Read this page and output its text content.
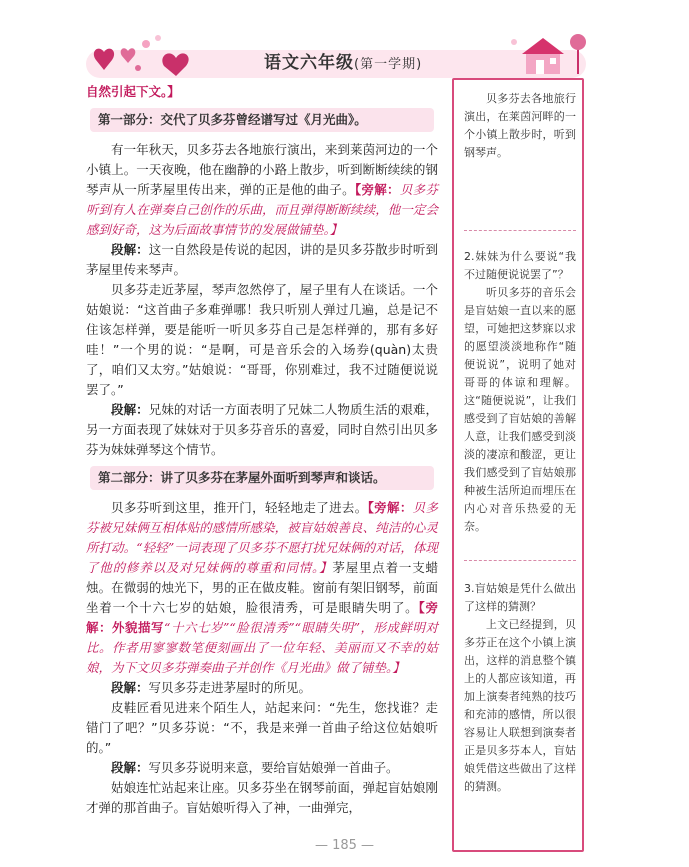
语文六年级(第一学期)

自然引起下文。】

第一部分：交代了贝多芬曾经谱写过《月光曲》。

有一年秋天，贝多芬去各地旅行演出，来到莱茵河边的一个小镇上。一天夜晚，他在幽静的小路上散步，听到断断续续的钢琴声从一所茅屋里传出来，弹的正是他的曲子。【旁解：贝多芬听到有人在弹奏自己创作的乐曲，而且弹得断断续续，他一定会感到好奇，这为后面故事情节的发展做铺垫。】

段解：这一自然段是传说的起因，讲的是贝多芬散步时听到茅屋里传来琴声。

贝多芬走近茅屋，琴声忽然停了，屋子里有人在谈话。一个姑娘说：“这首曲子多难弹哪！我只听别人弹过几遍，总是记不住该怎样弹，要是能听一听贝多芬自己是怎样弹的，那有多好哇！”一个男的说：“是啊，可是音乐会的入场券(quàn)太贵了，咱们又太穷。”姑娘说：“哥哥，你别难过，我不过随便说说罢了。”

段解：兄妹的对话一方面表明了兄妹二人物质生活的艰难，另一方面表现了妹妹对于贝多芬音乐的喜爱，同时自然引出贝多芬为妹妹弹琴这个情节。

第二部分：讲了贝多芬在茅屋外面听到琴声和谈话。

贝多芬听到这里，推开门，轻轻地走了进去。【旁解：贝多芬被兄妹俩互相体贴的感情所感染，被盲姑娘善良、纯洁的心灵所打动。“轻轻”一词表现了贝多芬不愿打扰兄妹俩的对话，体现了他的修养以及对兄妹俩的尊重和同情。】茅屋里点着一支蜡烛。在微弱的烛光下，男的正在做皮鞋。窗前有架旧钢琴，前面坐着一个十六七岁的姑娘，脸很清秀，可是眼睛失明了。【旁解：外貌描写“十六七岁”“脸很清秀”“眼睛失明”，形成鲜明对比。作者用寥寥数笔便刻画出了一位年轻、美丽而又不幸的姑娘，为下文贝多芬弹奏曲子并创作《月光曲》做了铺垫。】

段解：写贝多芬走进茅屋时的所见。

皮鞋匠看见进来个陌生人，站起来问：“先生，您找谁？走错门了吧？”贝多芬说：“不，我是来弹一首曲子给这位姑娘听的。”

段解：写贝多芬说明来意，要给盲姑娘弹一首曲子。

姑娘连忙站起来让座。贝多芬坐在钢琴前面，弹起盲姑娘刚才弹的那首曲子。盲姑娘听得入了神，一曲弹完，

贝多芬去各地旅行演出，在莱茵河畔的一个小镇上散步时，听到钢琴声。

2.妹妹为什么要说“我不过随便说说罢了”？

听贝多芬的音乐会是盲姑娘一直以来的愿望，可她把这梦寐以求的愿望淡淡地称作“随便说说”，说明了她对哥哥的体谅和理解。这“随便说说”，让我们感受到了盲姑娘的善解人意，让我们感受到淡淡的凄凉和酸涩，更让我们感受到了盲姑娘那种被生活所迫而埋压在内心对音乐热爱的无奈。

3.盲姑娘是凭什么做出了这样的猜测？

上文已经提到，贝多芬正在这个小镇上演出，这样的消息整个镇上的人都应该知道，再加上演奏者纯熟的技巧和充沛的感情，所以很容易让人联想到演奏者正是贝多芬本人，盲姑娘凭借这些做出了这样的猜测。

— 185 —
